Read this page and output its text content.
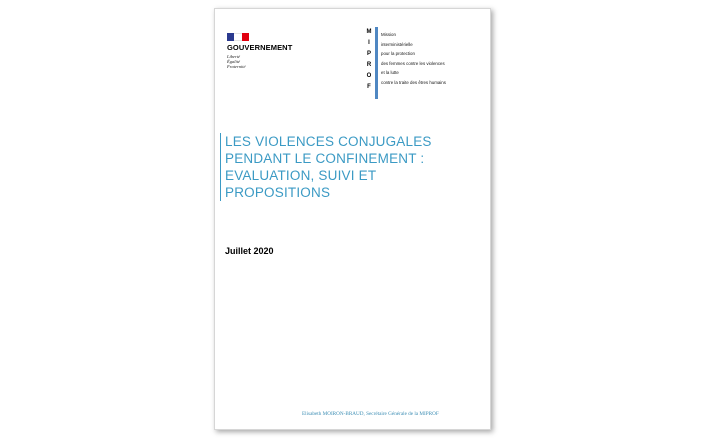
GOUVERNEMENT
Liberté
Égalité
Fraternité
M
I
P
R
O
F
Mission
interministérielle
pour la protection
des femmes contre les violences
et la lutte
contre la traite des êtres humains
LES VIOLENCES CONJUGALES
PENDANT LE CONFINEMENT :
EVALUATION, SUIVI ET
PROPOSITIONS
Juillet 2020
Elisabeth MOIRON-BRAUD, Secrétaire Générale de la MIPROF
